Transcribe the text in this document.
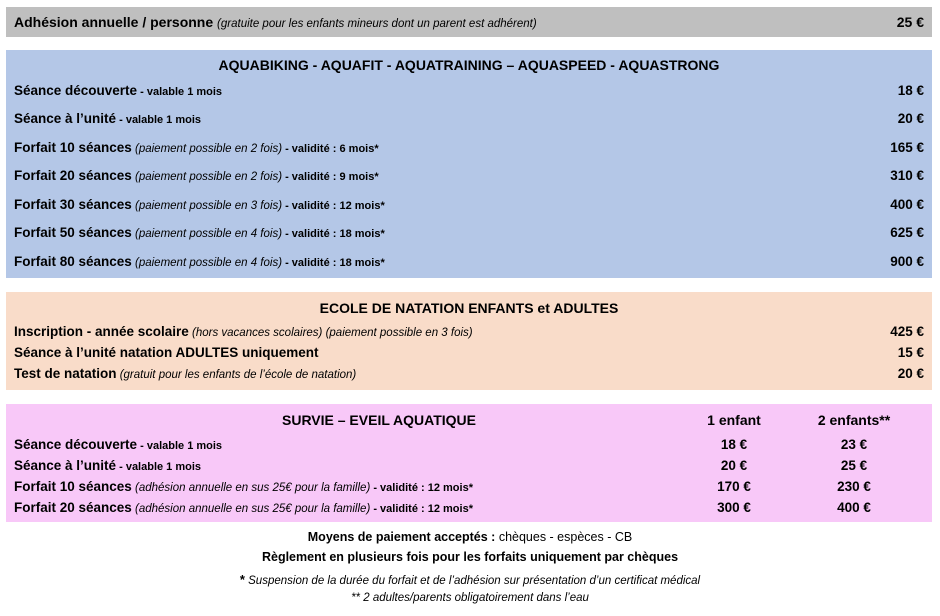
Adhésion annuelle / personne (gratuite pour les enfants mineurs dont un parent est adhérent)	25 €
AQUABIKING - AQUAFIT - AQUATRAINING – AQUASPEED - AQUASTRONG
Séance découverte - valable 1 mois	18 €
Séance à l’unité - valable 1 mois	20 €
Forfait 10 séances (paiement possible en 2 fois) - validité : 6 mois*	165 €
Forfait 20 séances (paiement possible en 2 fois) - validité : 9 mois*	310 €
Forfait 30 séances (paiement possible en 3 fois) - validité : 12 mois*	400 €
Forfait 50 séances (paiement possible en 4 fois) - validité : 18 mois*	625 €
Forfait 80 séances (paiement possible en 4 fois) - validité : 18 mois*	900 €
ECOLE DE NATATION ENFANTS et ADULTES
Inscription - année scolaire (hors vacances scolaires) (paiement possible en 3 fois)	425 €
Séance à l’unité natation ADULTES uniquement	15 €
Test de natation (gratuit pour les enfants de l’école de natation)	20 €
SURVIE – EVEIL AQUATIQUE	1 enfant	2 enfants**
Séance découverte - valable 1 mois	18 €	23 €
Séance à l’unité - valable 1 mois	20 €	25 €
Forfait 10 séances (adhésion annuelle en sus 25€ pour la famille) - validité : 12 mois*	170 €	230 €
Forfait 20 séances (adhésion annuelle en sus 25€ pour la famille) - validité : 12 mois*	300 €	400 €
Moyens de paiement acceptés : chèques - espèces - CB
Règlement en plusieurs fois pour les forfaits uniquement par chèques
* Suspension de la durée du forfait et de l’adhésion sur présentation d’un certificat médical
** 2 adultes/parents obligatoirement dans l’eau
